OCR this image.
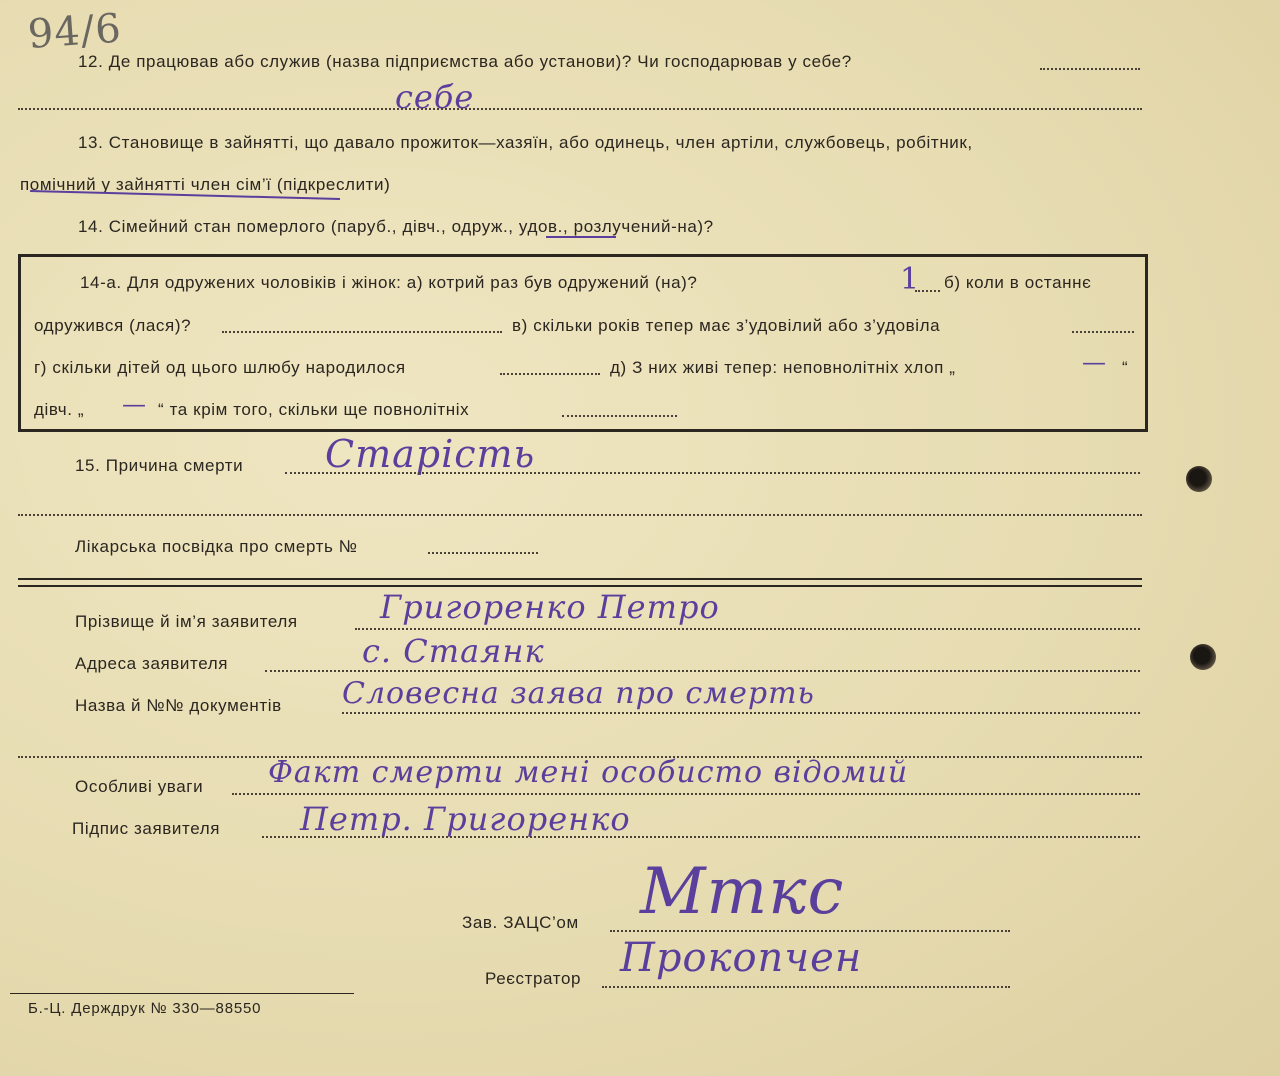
94/6
12. Де працював або служив (назва підприємства або установи)? Чи господарював у себе?
себе
13. Становище в зайнятті, що давало прожиток—хазяїн, або одинець, член артіли, службовець, робітник,
помічний у зайнятті член сім’ї (підкреслити)
14. Сімейний стан померлого (паруб., дівч., одруж., удов., розлучений-на)?
14-а. Для одружених чоловіків і жінок: а) котрий раз був одружений (на)?	1 б) коли в останнє
одружився (лася)?	в) скільки років тепер має з’удовілий або з’удовіла
г) скільки дітей од цього шлюбу народилося	д) З них живі тепер: неповнолітніх хлоп „	— “
дівч. „ — “ та крім того, скільки ще повнолітніх
15. Причина смерти Старість
Лікарська посвідка про смерть №
Прізвище й ім’я заявителя	Григоренко Петро
Адреса заявителя	с. Стаянк
Назва й №№ документів Словесна заява про смерть
Особливі уваги Факт смерти мені особисто відомий
Підпис заявителя Петр. Григоренко
Зав. ЗАЦС’ом Мткс
Реєстратор Прокопчен
Б.-Ц. Держдрук № 330—88550
